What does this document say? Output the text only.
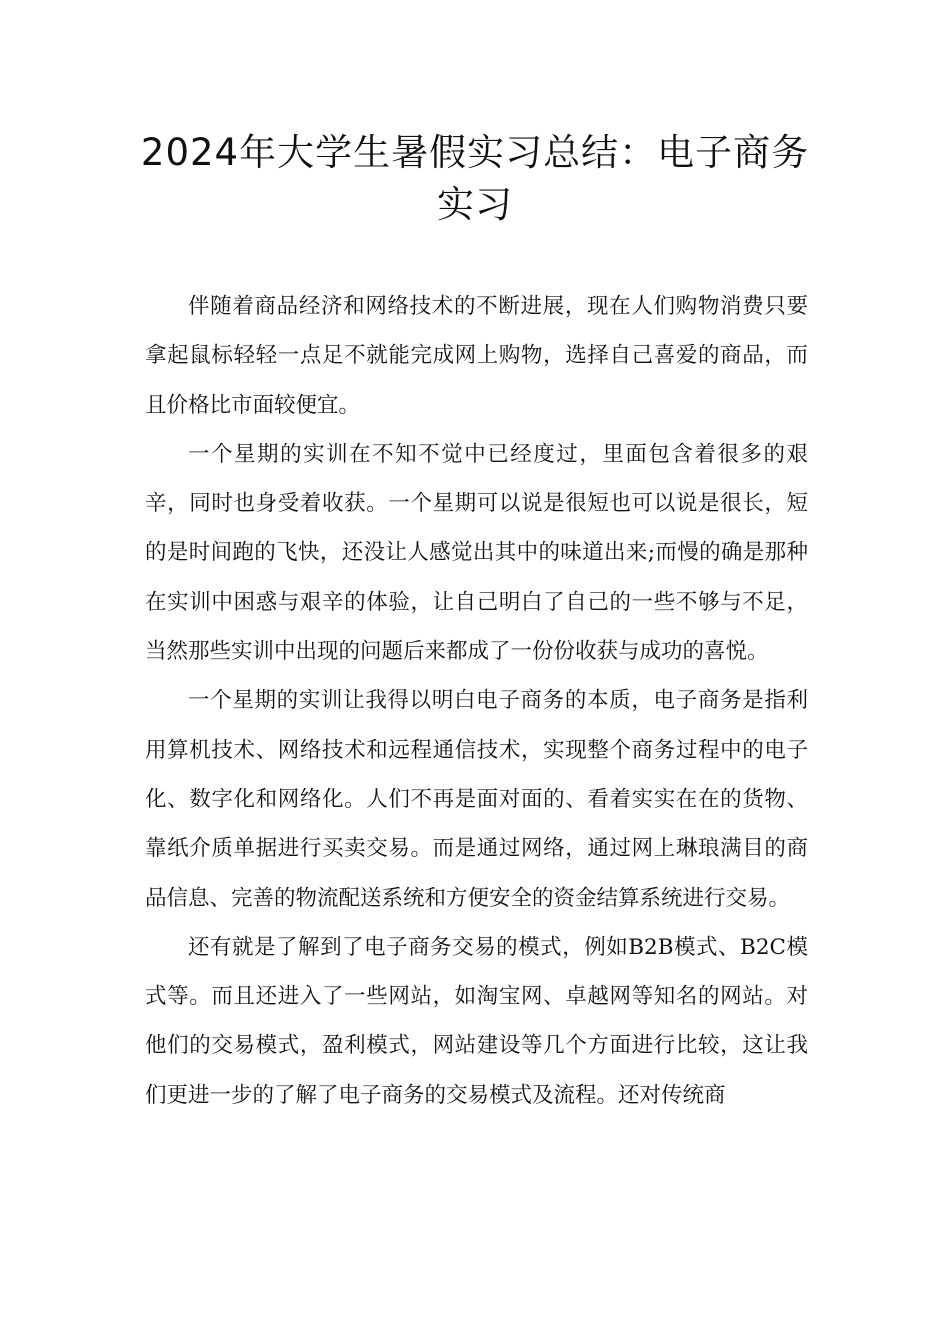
2024年大学生暑假实习总结：电子商务
实习

伴随着商品经济和网络技术的不断进展，现在人们购物消费只要拿起鼠标轻轻一点足不就能完成网上购物，选择自己喜爱的商品，而且价格比市面较便宜。

一个星期的实训在不知不觉中已经度过，里面包含着很多的艰辛，同时也身受着收获。一个星期可以说是很短也可以说是很长，短的是时间跑的飞快，还没让人感觉出其中的味道出来;而慢的确是那种在实训中困惑与艰辛的体验，让自己明白了自己的一些不够与不足，当然那些实训中出现的问题后来都成了一份份收获与成功的喜悦。

一个星期的实训让我得以明白电子商务的本质，电子商务是指利用算机技术、网络技术和远程通信技术，实现整个商务过程中的电子化、数字化和网络化。人们不再是面对面的、看着实实在在的货物、靠纸介质单据进行买卖交易。而是通过网络，通过网上琳琅满目的商品信息、完善的物流配送系统和方便安全的资金结算系统进行交易。

还有就是了解到了电子商务交易的模式，例如B2B模式、B2C模式等。而且还进入了一些网站，如淘宝网、卓越网等知名的网站。对他们的交易模式，盈利模式，网站建设等几个方面进行比较，这让我们更进一步的了解了电子商务的交易模式及流程。还对传统商
